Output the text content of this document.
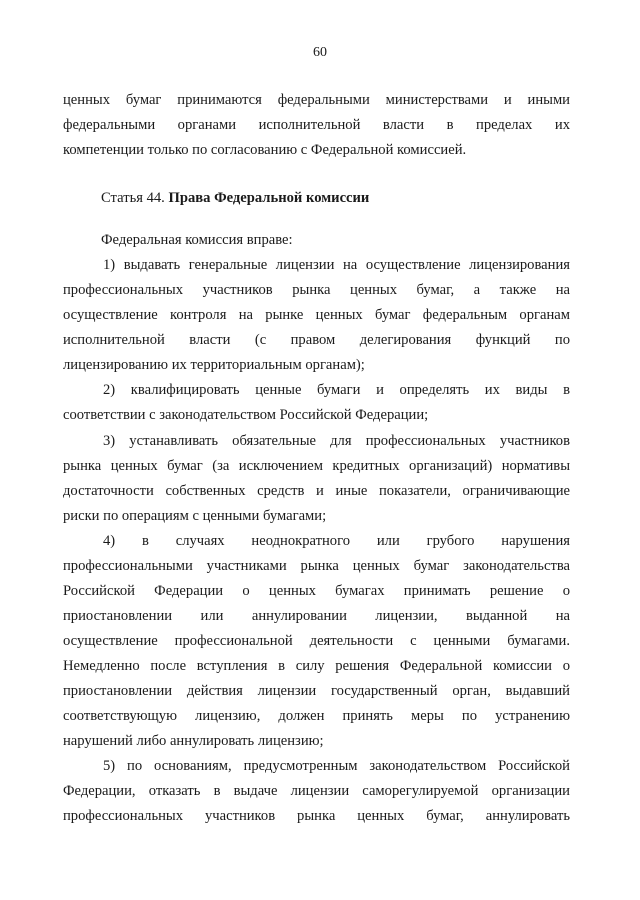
60
ценных бумаг принимаются федеральными министерствами и иными
федеральными органами исполнительной власти в пределах их
компетенции только по согласованию с Федеральной комиссией.
Статья 44. Права Федеральной комиссии
Федеральная комиссия вправе:
1) выдавать генеральные лицензии на осуществление лицензирования
профессиональных участников рынка ценных бумаг, а также на
осуществление контроля на рынке ценных бумаг федеральным органам
исполнительной власти (с правом делегирования функций по
лицензированию их территориальным органам);
2) квалифицировать ценные бумаги и определять их виды в
соответствии с законодательством Российской Федерации;
3) устанавливать обязательные для профессиональных участников
рынка ценных бумаг (за исключением кредитных организаций) нормативы
достаточности собственных средств и иные показатели, ограничивающие
риски по операциям с ценными бумагами;
4) в случаях неоднократного или грубого нарушения
профессиональными участниками рынка ценных бумаг законодательства
Российской Федерации о ценных бумагах принимать решение о
приостановлении или аннулировании лицензии, выданной на
осуществление профессиональной деятельности с ценными бумагами.
Немедленно после вступления в силу решения Федеральной комиссии о
приостановлении действия лицензии государственный орган, выдавший
соответствующую лицензию, должен принять меры по устранению
нарушений либо аннулировать лицензию;
5) по основаниям, предусмотренным законодательством Российской
Федерации, отказать в выдаче лицензии саморегулируемой организации
профессиональных участников рынка ценных бумаг, аннулировать
